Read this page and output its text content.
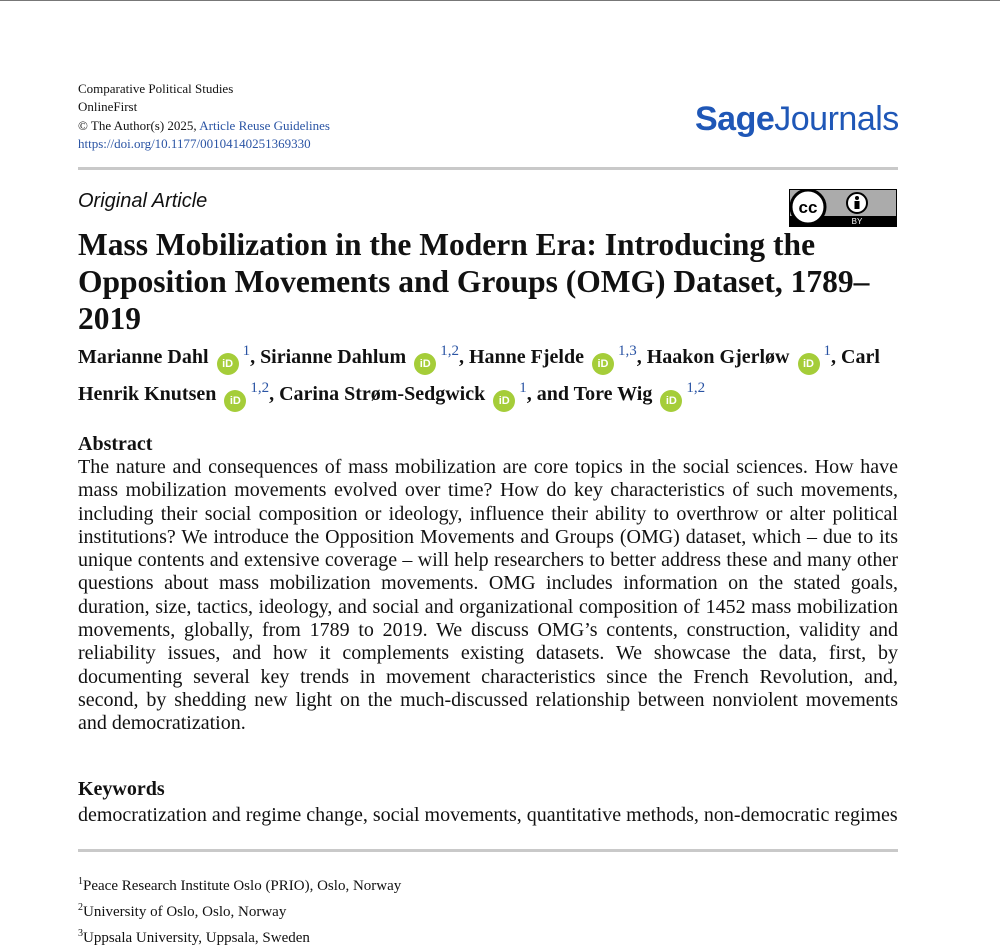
Comparative Political Studies
OnlineFirst
© The Author(s) 2025, Article Reuse Guidelines
https://doi.org/10.1177/00104140251369330
SageJournals
Original Article	cc
BY
Mass Mobilization in the Modern Era: Introducing the Opposition Movements and Groups (OMG) Dataset, 1789–2019
Marianne Dahl iD$^1$, Sirianne Dahlum iD$^{1,2}$, Hanne Fjelde iD$^{1,3}$, Haakon Gjerløw iD$^1$, Carl Henrik Knutsen iD$^{1,2}$, Carina Strøm-Sedgwick iD$^1$, and Tore Wig iD$^{1,2}$
Abstract

The nature and consequences of mass mobilization are core topics in the social sciences. How have mass mobilization movements evolved over time? How do key characteristics of such movements, including their social composition or ideology, influence their ability to overthrow or alter political institutions? We introduce the Opposition Movements and Groups (OMG) dataset, which – due to its unique contents and extensive coverage – will help researchers to better address these and many other questions about mass mobilization movements. OMG includes information on the stated goals, duration, size, tactics, ideology, and social and organizational composition of 1452 mass mobilization movements, globally, from 1789 to 2019. We discuss OMG’s contents, construction, validity and reliability issues, and how it complements existing datasets. We showcase the data, first, by documenting several key trends in movement characteristics since the French Revolution, and, second, by shedding new light on the much-discussed relationship between nonviolent movements and democratization.

Keywords
democratization and regime change, social movements, quantitative methods, non-democratic regimes
$^1$Peace Research Institute Oslo (PRIO), Oslo, Norway
$^2$University of Oslo, Oslo, Norway
$^3$Uppsala University, Uppsala, Sweden
